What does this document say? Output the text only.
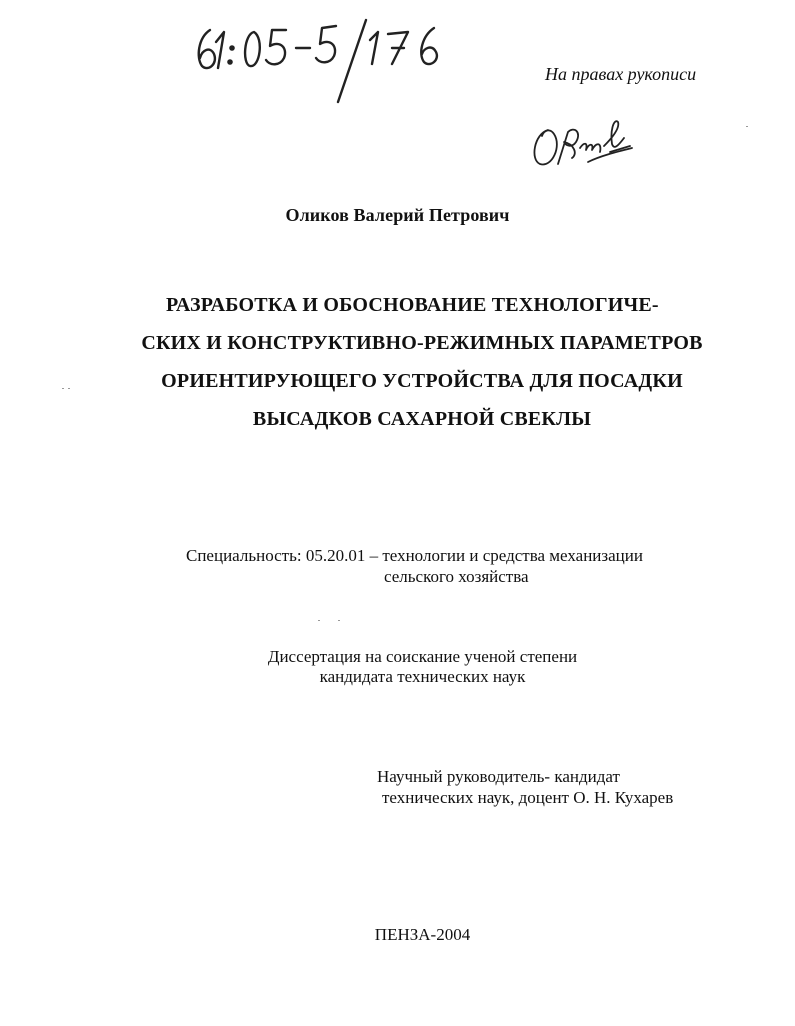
На правах рукописи
Оликов Валерий Петрович
РАЗРАБОТКА И ОБОСНОВАНИЕ ТЕХНОЛОГИЧЕ-
СКИХ И КОНСТРУКТИВНО-РЕЖИМНЫХ ПАРАМЕТРОВ
ОРИЕНТИРУЮЩЕГО УСТРОЙСТВА ДЛЯ ПОСАДКИ
ВЫСАДКОВ САХАРНОЙ СВЕКЛЫ
Специальность: 05.20.01 – технологии и средства механизации
сельского хозяйства
Диссертация на соискание ученой степени
кандидата технических наук
Научный руководитель- кандидат
технических наук, доцент О. Н. Кухарев
ПЕНЗА-2004
